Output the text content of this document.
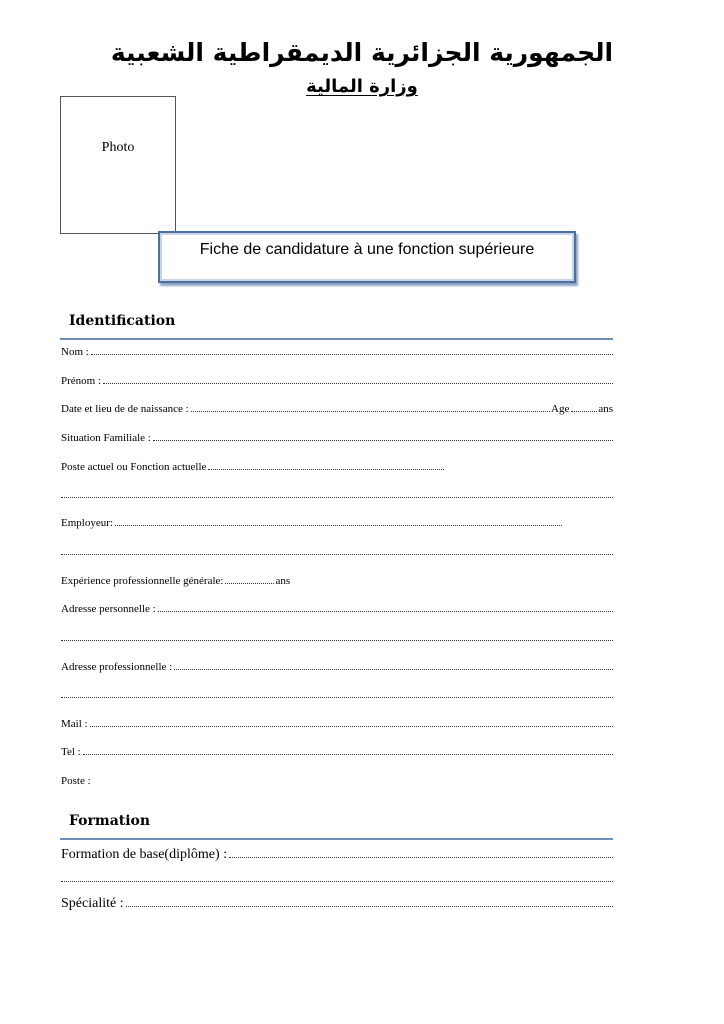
الجمهورية الجزائرية الديمقراطية الشعبية
وزارة المالية
Photo
Fiche de candidature à une fonction supérieure
Identification
Nom :
Prénom :
Date et lieu de de naissance :	Age	ans
Situation Familiale :
Poste actuel ou Fonction actuelle
Employeur:
Expérience professionnelle générale:	ans
Adresse personnelle :
Adresse professionnelle :
Mail :
Tel :
Poste :
Formation
Formation de base(diplôme) :
Spécialité :
